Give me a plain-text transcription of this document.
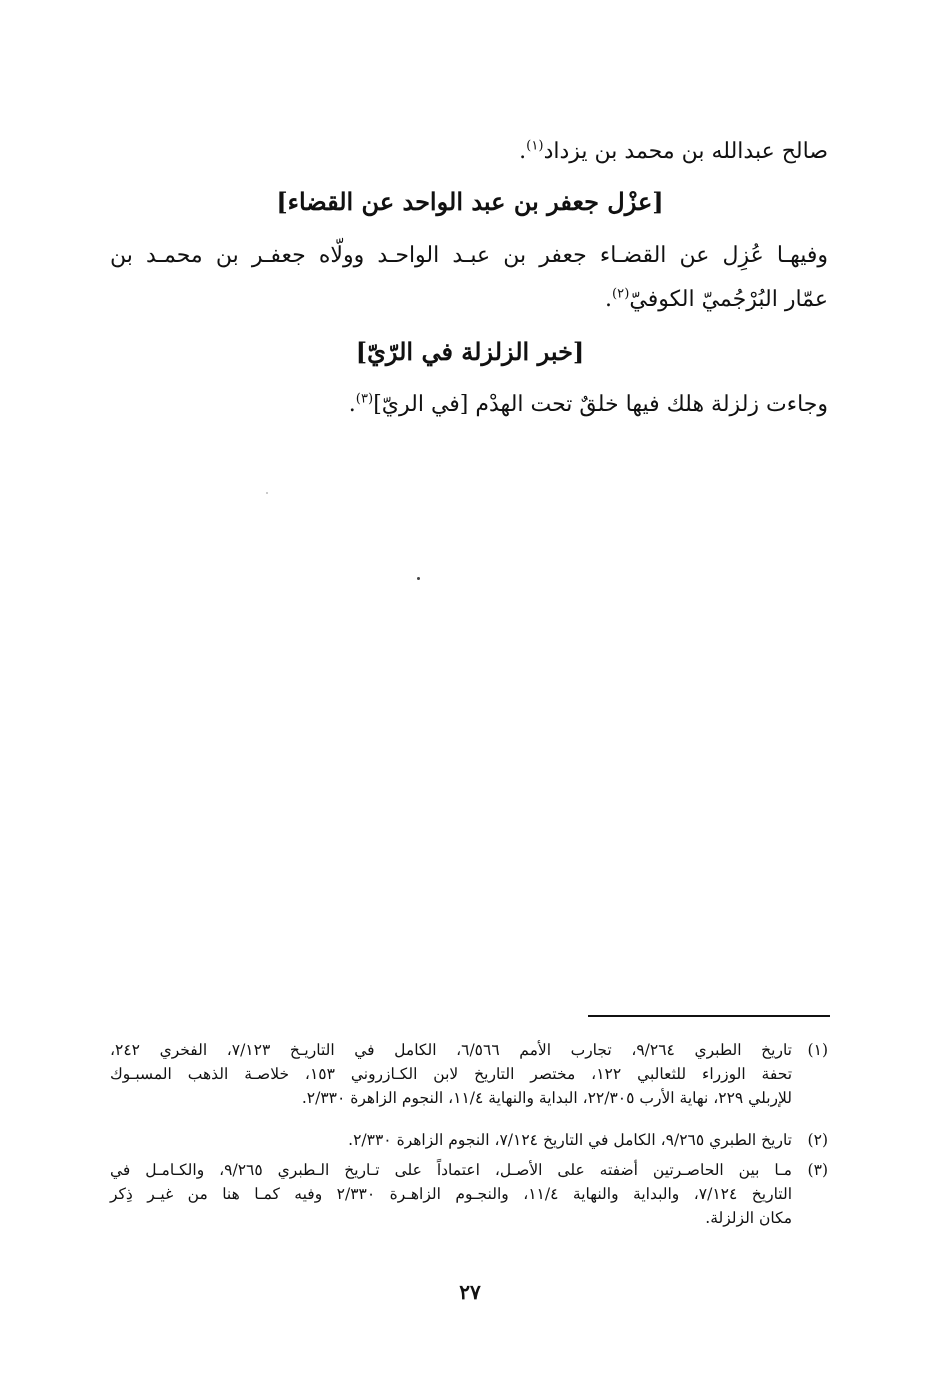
صالح عبدالله بن محمد بن يزداد$^{(١)}$.
[عزْل جعفر بن عبد الواحد عن القضاء]
وفيهـا عُزِل عن القضـاء جعفر بن عبـد الواحـد وولّاه جعفـر بن محمـد بن
عمّار البُرْجُميّ الكوفيّ$^{(٢)}$.
[خبر الزلزلة في الرّيّ]
وجاءت زلزلة هلك فيها خلقٌ تحت الهدْم [في الريّ]$^{(٣)}$.
(١)
تاريخ الطبري ٩/٢٦٤، تجارب الأمم ٦/٥٦٦، الكامل في التاريـخ ٧/١٢٣، الفخري ٢٤٢،
تحفة الوزراء للثعالبي ١٢٢، مختصر التاريخ لابن الكـازروني ١٥٣، خلاصـة الذهب المسبـوك
للإربلي ٢٢٩، نهاية الأرب ٢٢/٣٠٥، البداية والنهاية ١١/٤، النجوم الزاهرة ٢/٣٣٠.
(٢)
تاريخ الطبري ٩/٢٦٥، الكامل في التاريخ ٧/١٢٤، النجوم الزاهرة ٢/٣٣٠.
(٣)
مـا بين الحاصـرتين أضفته على الأصـل، اعتماداً على تـاريخ الـطبري ٩/٢٦٥، والكـامـل في
التاريخ ٧/١٢٤، والبداية والنهاية ١١/٤، والنجـوم الزاهـرة ٢/٣٣٠ وفيه كمـا هنا من غيـر ذِكر
مكان الزلزلة.
٢٧
